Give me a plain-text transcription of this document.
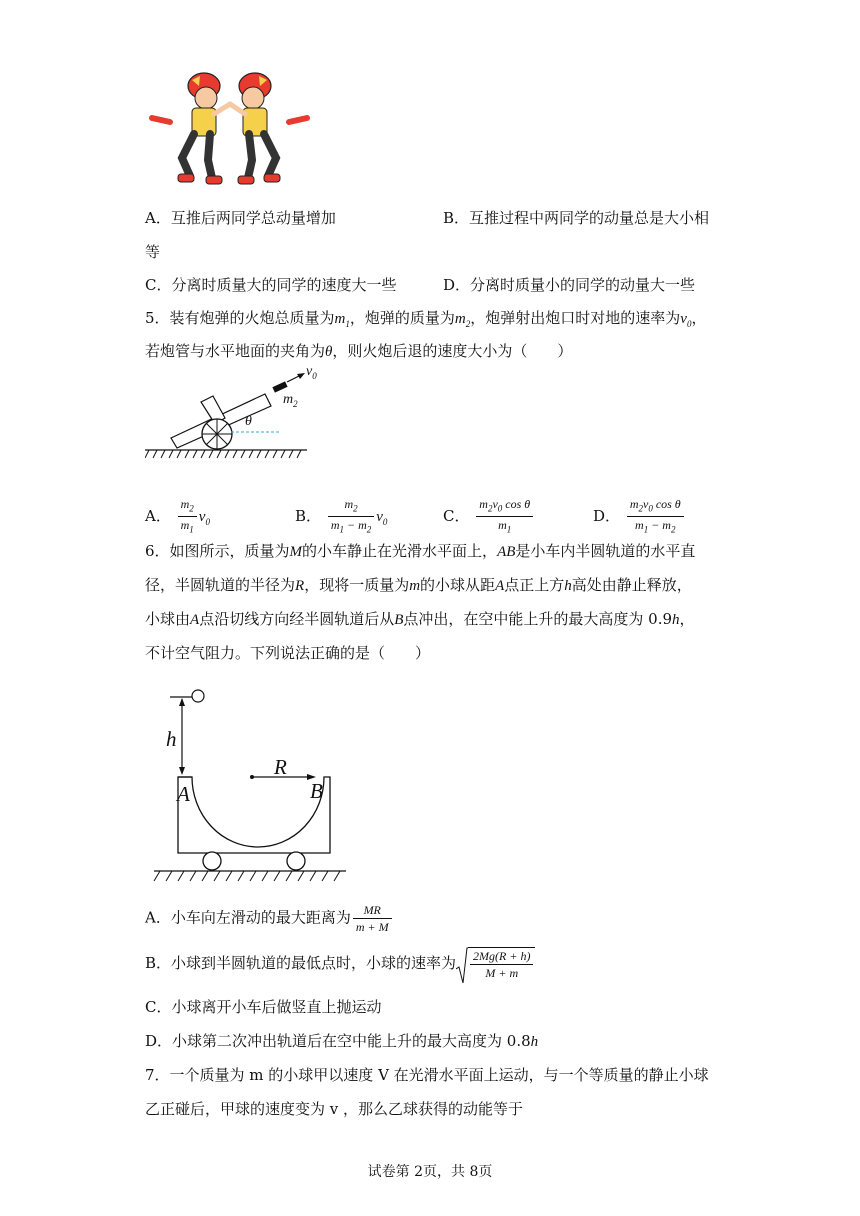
A．互推后两同学总动量增加	B．互推过程中两同学的动量总是大小相
等
C．分离时质量大的同学的速度大一些	D．分离时质量小的同学的动量大一些
5．装有炮弹的火炮总质量为$m_1$，炮弹的质量为$m_2$，炮弹射出炮口时对地的速率为$v_0$，
若炮管与水平地面的夹角为θ，则火炮后退的速度大小为（　　）
$v_0$
$m_2$
θ
A． $\frac{m_2}{m_1} v_0$	B． $\frac{m_2}{m_1 - m_2} v_0$	C． $\frac{m_2v_0 \cos \theta}{m_1}$	D． $\frac{m_2v_0 \cos \theta}{m_1 - m_2}$
6．如图所示，质量为M的小车静止在光滑水平面上，AB是小车内半圆轨道的水平直
径，半圆轨道的半径为R，现将一质量为m的小球从距A点正上方h高处由静止释放，
小球由A点沿切线方向经半圆轨道后从B点冲出，在空中能上升的最大高度为 0.9h，
不计空气阻力。下列说法正确的是（　　）
h
R
A	B
A．小车向左滑动的最大距离为 $\frac{MR}{m + M}$
B．小球到半圆轨道的最低点时，小球的速率为 $\frac{2Mg(R + h)}{M + m}$
C．小球离开小车后做竖直上抛运动
D．小球第二次冲出轨道后在空中能上升的最大高度为 0.8h
7．一个质量为 m 的小球甲以速度 V 在光滑水平面上运动，与一个等质量的静止小球
乙正碰后，甲球的速度变为 v ，那么乙球获得的动能等于
试卷第 2页，共 8页
